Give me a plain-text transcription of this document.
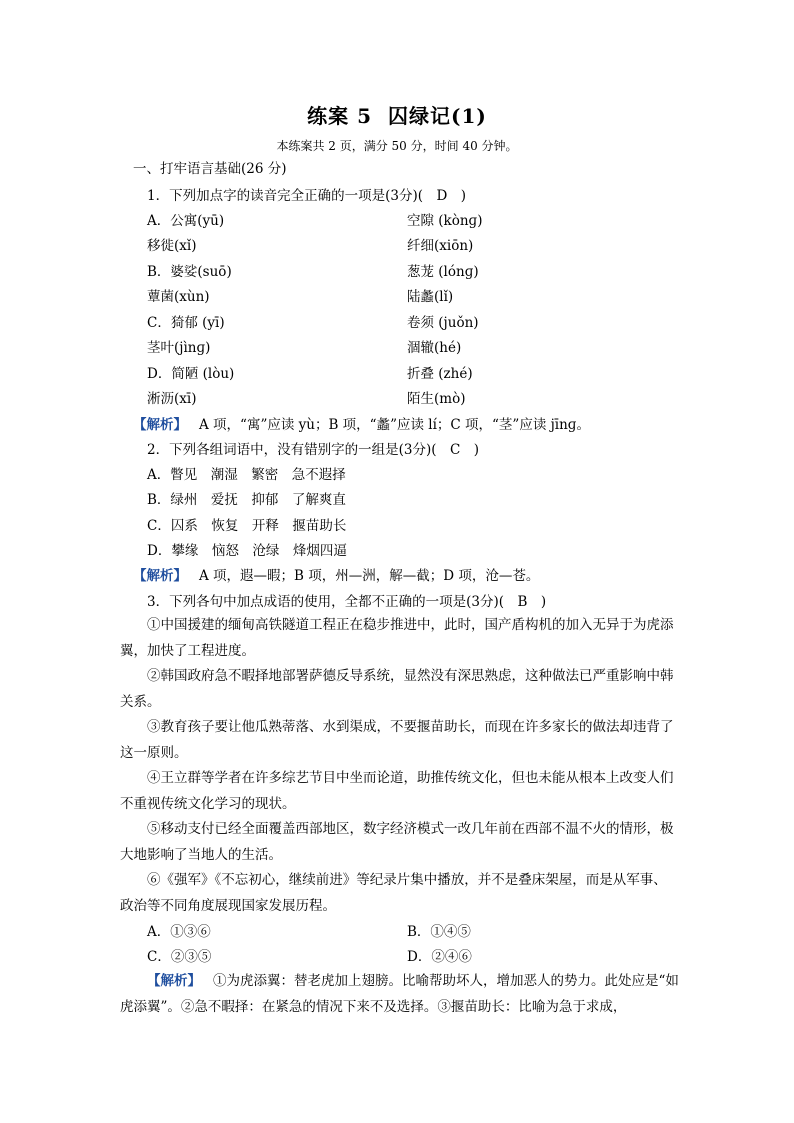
练案 5 囚绿记(1)
本练案共 2 页，满分 50 分，时间 40 分钟。
一、打牢语言基础(26 分)
1．下列加点字的读音完全正确的一项是(3分)(　D　)
A．公寓(yū)	空隙 (kònɡ)
移徙(xǐ)	纤细(xiōn)
B．婆娑(suō)	葱茏 (lónɡ)
蕈菌(xùn)	陆蠡(lǐ)
C．猗郁 (yī)	卷须 (juǒn)
茎叶(jìnɡ)	涸辙(hé)
D．简陋 (lòu)	折叠 (zhé)
淅沥(xī)	陌生(mò)
【解析】 A 项，“寓”应读 yù；B 项，“蠡”应读 lí；C 项，“茎”应读 jīnɡ。
2．下列各组词语中，没有错别字的一组是(3分)(　C　)
A．瞥见　潮湿　繁密　急不遐择
B．绿州　爱抚　抑郁　了解爽直
C．囚系　恢复　开释　揠苗助长
D．攀缘　恼怒　沧绿　烽烟四逼
【解析】 A 项，遐—暇；B 项，州—洲，解—截；D 项，沧—苍。
3．下列各句中加点成语的使用，全都不正确的一项是(3分)(　B　)
①中国援建的缅甸高铁隧道工程正在稳步推进中，此时，国产盾构机的加入无异于为虎添翼，加快了工程进度。
②韩国政府急不暇择地部署萨德反导系统，显然没有深思熟虑，这种做法已严重影响中韩关系。
③教育孩子要让他瓜熟蒂落、水到渠成，不要揠苗助长，而现在许多家长的做法却违背了这一原则。
④王立群等学者在许多综艺节目中坐而论道，助推传统文化，但也未能从根本上改变人们不重视传统文化学习的现状。
⑤移动支付已经全面覆盖西部地区，数字经济模式一改几年前在西部不温不火的情形，极大地影响了当地人的生活。
⑥《强军》《不忘初心，继续前进》等纪录片集中播放，并不是叠床架屋，而是从军事、政治等不同角度展现国家发展历程。
A．①③⑥	B．①④⑤
C．②③⑤	D．②④⑥
【解析】 ①为虎添翼：替老虎加上翅膀。比喻帮助坏人，增加恶人的势力。此处应是“如虎添翼”。②急不暇择：在紧急的情况下来不及选择。③揠苗助长：比喻为急于求成，
